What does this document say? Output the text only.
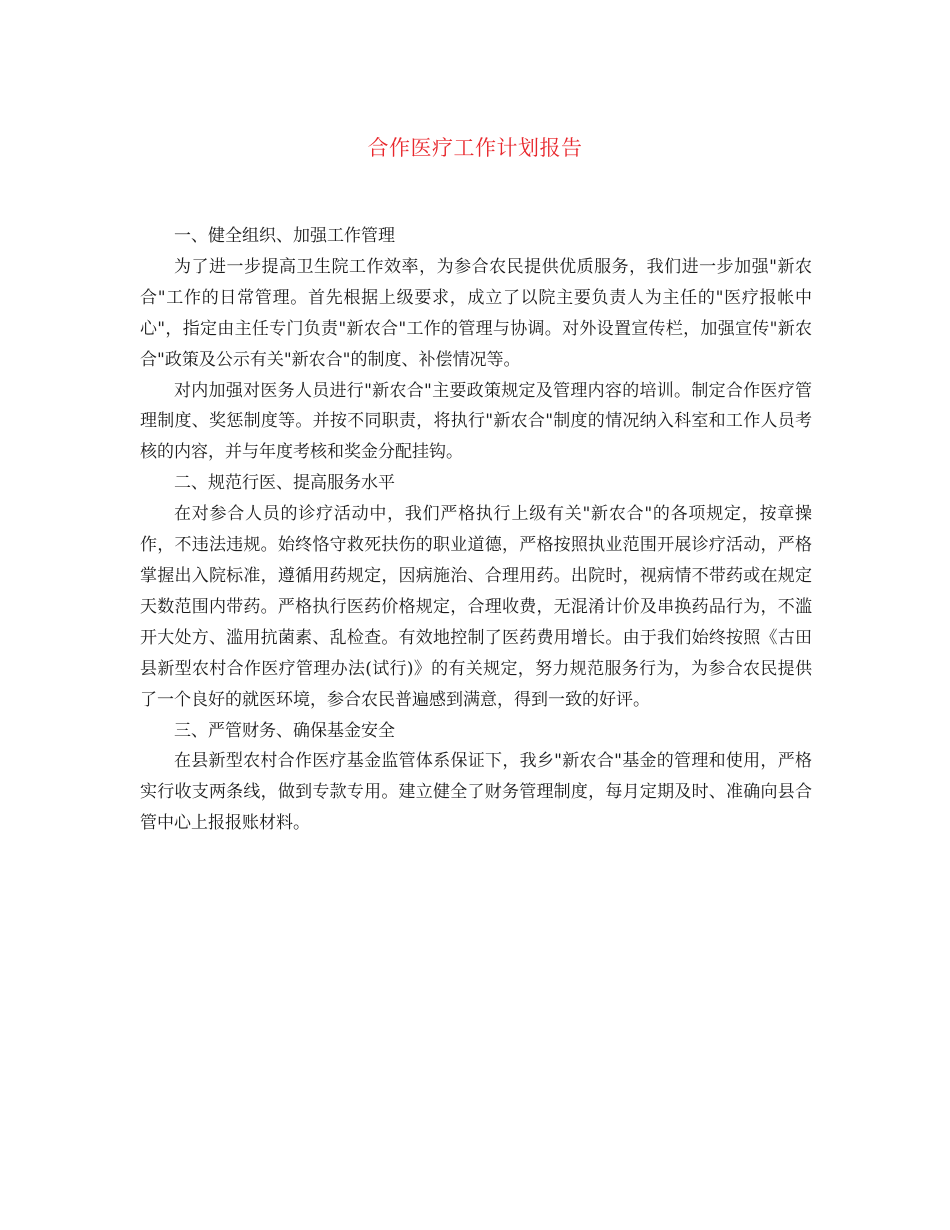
合作医疗工作计划报告

一、健全组织、加强工作管理

为了进一步提高卫生院工作效率，为参合农民提供优质服务，我们进一步加强"新农合"工作的日常管理。首先根据上级要求，成立了以院主要负责人为主任的"医疗报帐中心"，指定由主任专门负责"新农合"工作的管理与协调。对外设置宣传栏，加强宣传"新农合"政策及公示有关"新农合"的制度、补偿情况等。

对内加强对医务人员进行"新农合"主要政策规定及管理内容的培训。制定合作医疗管理制度、奖惩制度等。并按不同职责，将执行"新农合"制度的情况纳入科室和工作人员考核的内容，并与年度考核和奖金分配挂钩。

二、规范行医、提高服务水平

在对参合人员的诊疗活动中，我们严格执行上级有关"新农合"的各项规定，按章操作，不违法违规。始终恪守救死扶伤的职业道德，严格按照执业范围开展诊疗活动，严格掌握出入院标准，遵循用药规定，因病施治、合理用药。出院时，视病情不带药或在规定天数范围内带药。严格执行医药价格规定，合理收费，无混淆计价及串换药品行为，不滥开大处方、滥用抗菌素、乱检查。有效地控制了医药费用增长。由于我们始终按照《古田县新型农村合作医疗管理办法(试行)》的有关规定，努力规范服务行为，为参合农民提供了一个良好的就医环境，参合农民普遍感到满意，得到一致的好评。

三、严管财务、确保基金安全

在县新型农村合作医疗基金监管体系保证下，我乡"新农合"基金的管理和使用，严格实行收支两条线，做到专款专用。建立健全了财务管理制度，每月定期及时、准确向县合管中心上报报账材料。
